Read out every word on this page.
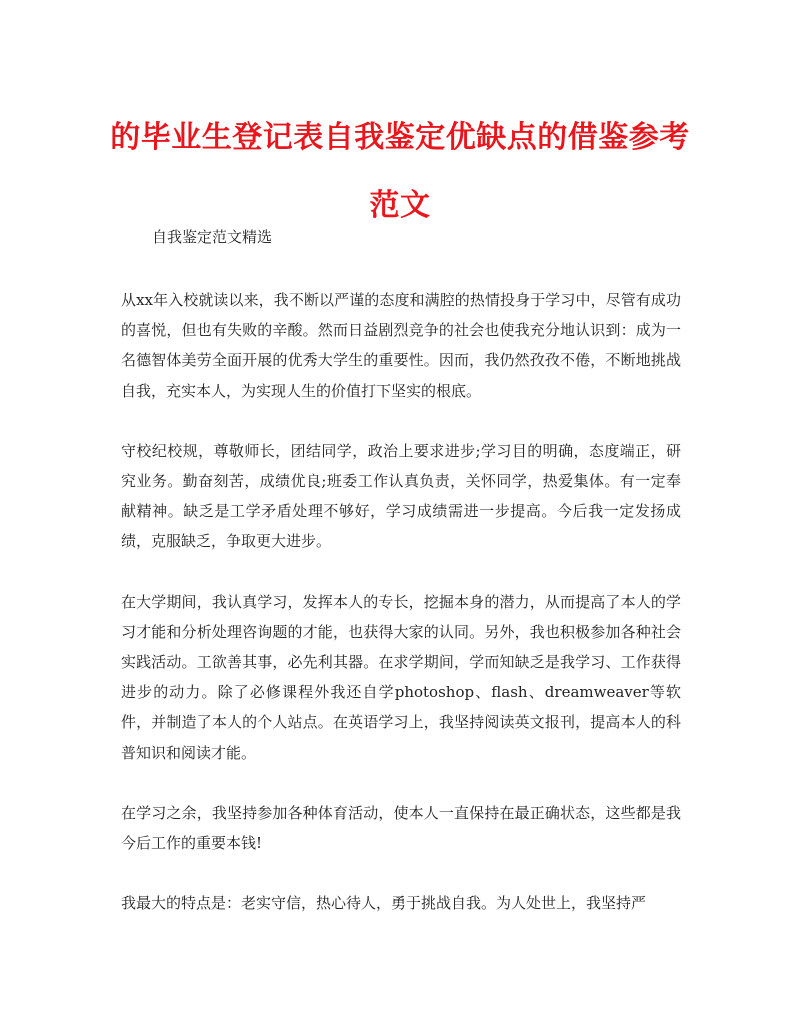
的毕业生登记表自我鉴定优缺点的借鉴参考范文

自我鉴定范文精选

从xx年入校就读以来，我不断以严谨的态度和满腔的热情投身于学习中，尽管有成功的喜悦，但也有失败的辛酸。然而日益剧烈竞争的社会也使我充分地认识到：成为一名德智体美劳全面开展的优秀大学生的重要性。因而，我仍然孜孜不倦，不断地挑战自我，充实本人，为实现人生的价值打下坚实的根底。

守校纪校规，尊敬师长，团结同学，政治上要求进步;学习目的明确，态度端正，研究业务。勤奋刻苦，成绩优良;班委工作认真负责，关怀同学，热爱集体。有一定奉献精神。缺乏是工学矛盾处理不够好，学习成绩需进一步提高。今后我一定发扬成绩，克服缺乏，争取更大进步。

在大学期间，我认真学习，发挥本人的专长，挖掘本身的潜力，从而提高了本人的学习才能和分析处理咨询题的才能，也获得大家的认同。另外，我也积极参加各种社会实践活动。工欲善其事，必先利其器。在求学期间，学而知缺乏是我学习、工作获得进步的动力。除了必修课程外我还自学photoshop、flash、dreamweaver等软件，并制造了本人的个人站点。在英语学习上，我坚持阅读英文报刊，提高本人的科普知识和阅读才能。

在学习之余，我坚持参加各种体育活动，使本人一直保持在最正确状态，这些都是我今后工作的重要本钱!

我最大的特点是：老实守信，热心待人，勇于挑战自我。为人处世上，我坚持严
